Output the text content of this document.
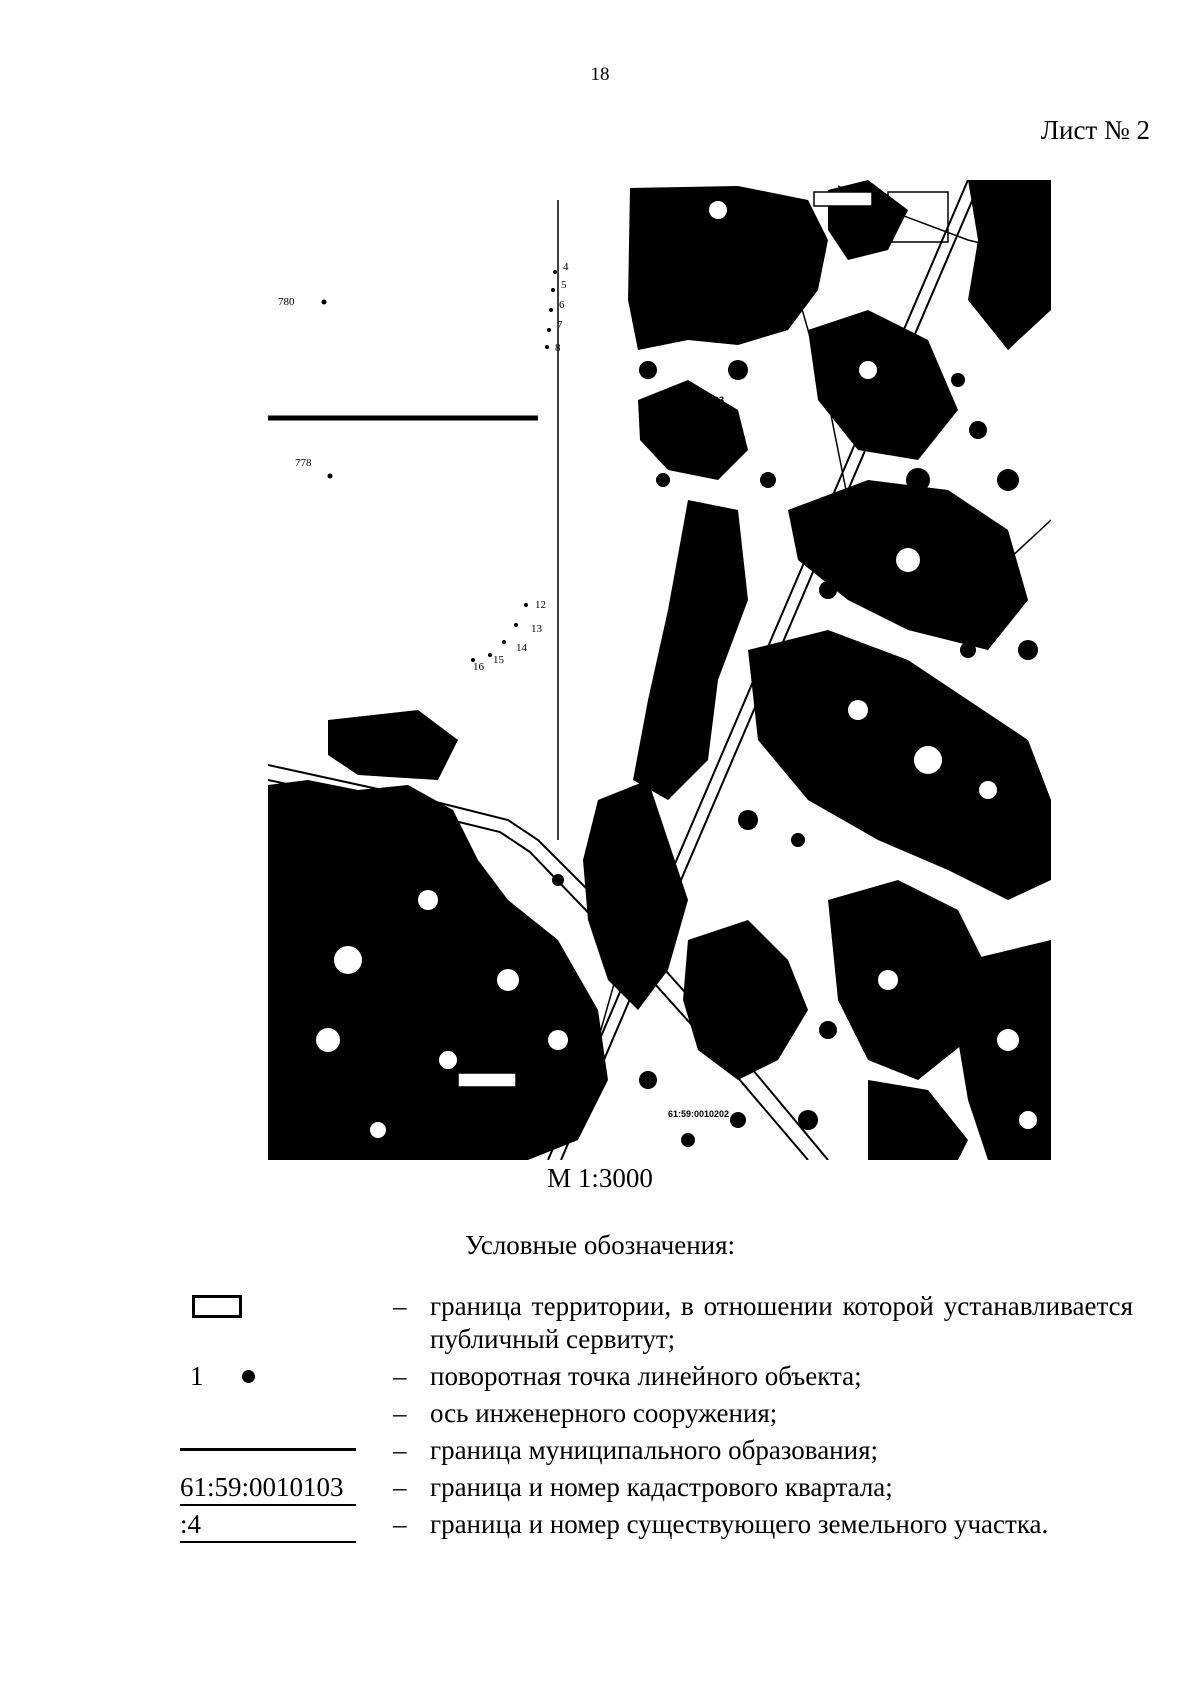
18
Лист № 2
61:59:0010103
61:59:0010202
2210
780
778
4
5
6
7
8
12
13
14
15
16
М 1:3000
Условные обозначения:
– граница территории, в отношении которой устанавливается публичный сервитут;
1	– поворотная точка линейного объекта;
– ось инженерного сооружения;
– граница муниципального образования;
61:59:0010103	– граница и номер кадастрового квартала;
:4	– граница и номер существующего земельного участка.
